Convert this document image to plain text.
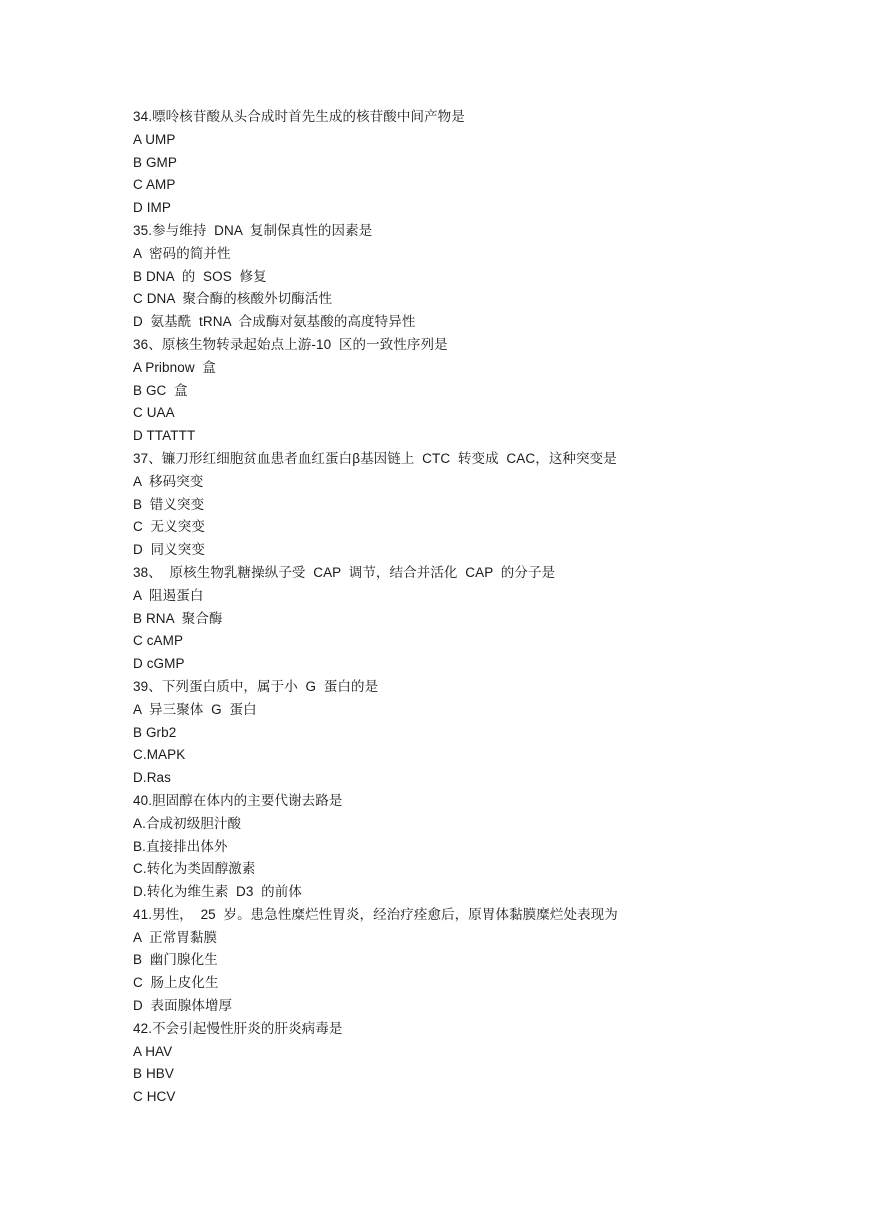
34.嘌呤核苷酸从头合成时首先生成的核苷酸中间产物是
A UMP
B GMP
C AMP
D IMP
35.参与维持  DNA  复制保真性的因素是
A  密码的简并性
B DNA  的  SOS  修复
C DNA  聚合酶的核酸外切酶活性
D  氨基酰  tRNA  合成酶对氨基酸的高度特异性
36、原核生物转录起始点上游-10  区的一致性序列是
A Pribnow  盒
B GC  盒
C UAA
D TTATTT
37、镰刀形红细胞贫血患者血红蛋白β基因链上  CTC  转变成  CAC，这种突变是
A  移码突变
B  错义突变
C  无义突变
D  同义突变
38、  原核生物乳糖操纵子受  CAP  调节，结合并活化  CAP  的分子是
A  阻遏蛋白
B RNA  聚合酶
C cAMP
D cGMP
39、下列蛋白质中，属于小  G  蛋白的是
A  异三聚体  G  蛋白
B Grb2
C.MAPK
D.Ras
40.胆固醇在体内的主要代谢去路是
A.合成初级胆汁酸
B.直接排出体外
C.转化为类固醇激素
D.转化为维生素  D3  的前体
41.男性，  25  岁。患急性糜烂性胃炎，经治疗痊愈后，原胃体黏膜糜烂处表现为
A  正常胃黏膜
B  幽门腺化生
C  肠上皮化生
D  表面腺体增厚
42.不会引起慢性肝炎的肝炎病毒是
A HAV
B HBV
C HCV
